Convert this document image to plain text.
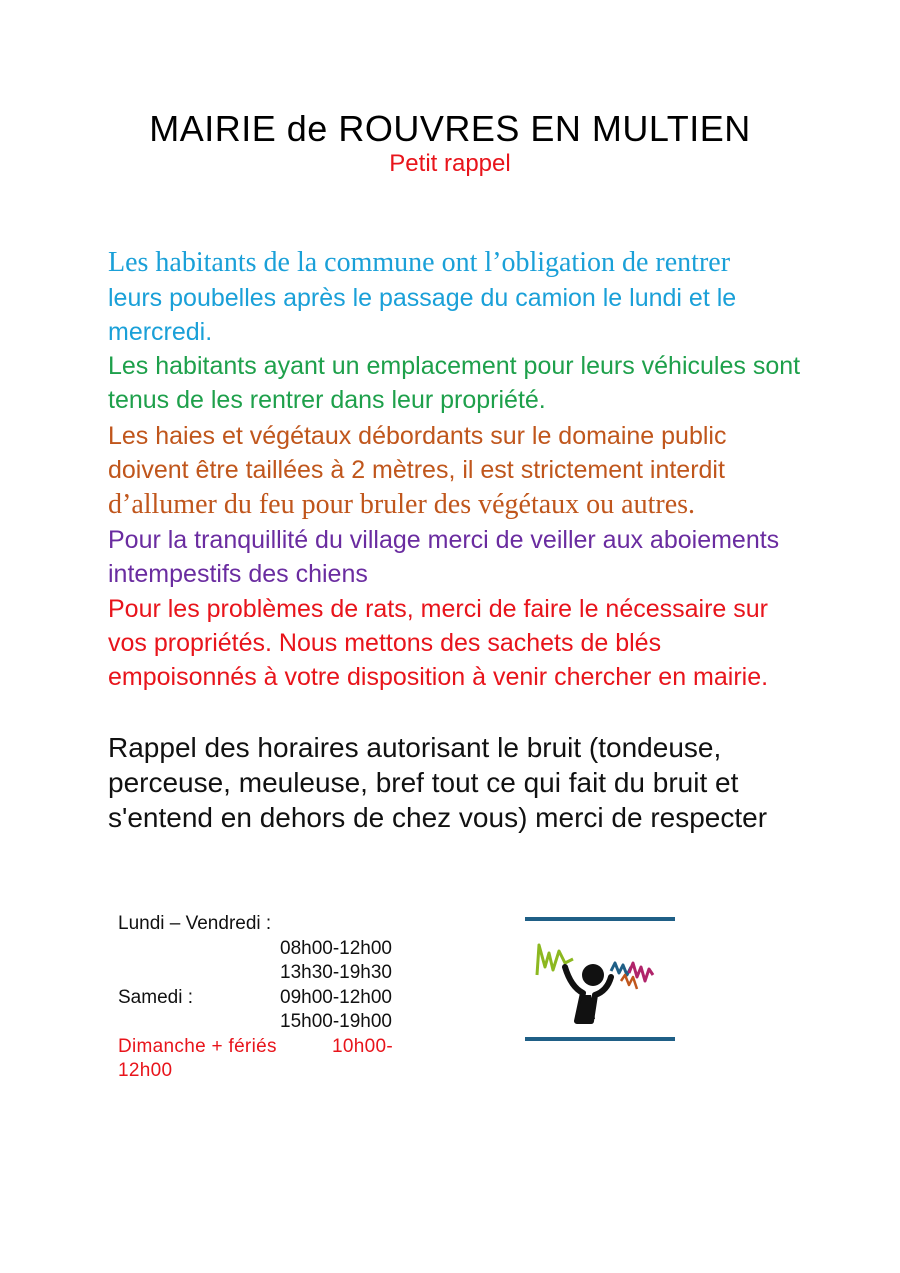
MAIRIE de ROUVRES EN MULTIEN
Petit rappel
Les habitants de la commune ont l’obligation de rentrer
leurs poubelles après le passage du camion le lundi et le mercredi.
Les habitants ayant un emplacement pour leurs véhicules sont tenus de les rentrer dans leur propriété.
Les haies et végétaux débordants sur le domaine public doivent être taillées à 2 mètres, il est strictement interdit
d’allumer du feu pour bruler des végétaux ou autres.
Pour la tranquillité du village merci de veiller aux aboiements intempestifs des chiens
Pour les problèmes de rats, merci de faire le nécessaire sur vos propriétés. Nous mettons des sachets de blés empoisonnés à votre disposition à venir chercher en mairie.
Rappel des horaires autorisant le bruit (tondeuse, perceuse, meuleuse, bref tout ce qui fait du bruit et s'entend en dehors de chez vous) merci de respecter
Lundi – Vendredi :
08h00-12h00
13h30-19h30
Samedi :	09h00-12h00
15h00-19h00
Dimanche + fériés	10h00-
12h00
